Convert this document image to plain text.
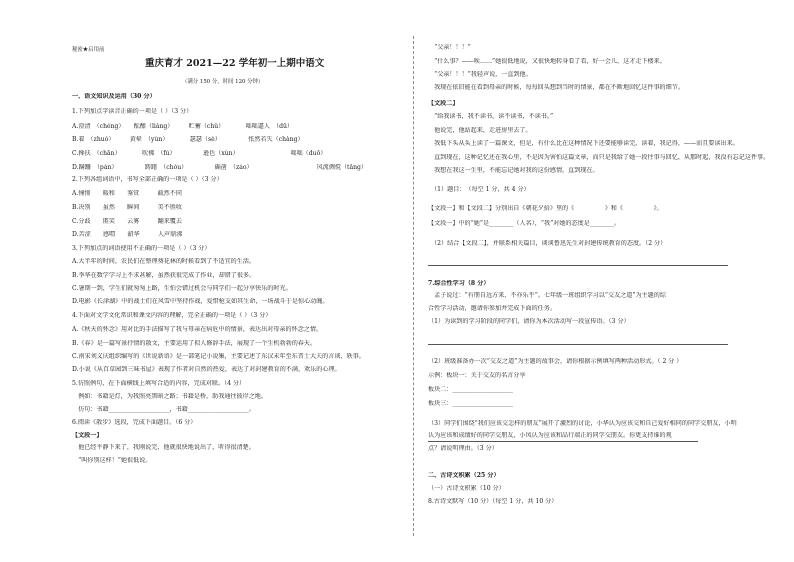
秘密★启用前
重庆育才 2021—22 学年初一上期中语文
（满分 150 分，时间 120 分钟）
一、语文知识及运用（30 分）
1.下列加点字读音正确的一项是（ ）（3 分）
A.澄清　（chéng）　　酝酿（liàng）　　　贮蓄（chǔ）　　　　咄咄逼人　（dū）
B.着　（zhuó）　　　黄晕　（yùn）　　　　瑟瑟（sè）　　　　　怅然若失（chàng）
C.搀扶　（chān）　　　　吹拂　（fú）　　　　　逊色（xùn）　　　　　　　　　咄咄（duō）
D.蹒跚　（pán）　　　　　踌躇　（chóu）　　　　　确凿　（záo）　　　　　　　　　　　风流倜傥（tǎng）
2.下列各组词语中，书写全部正确的一项是（ ）（3 分）
A.憧憬　　暖和　　鉴赏　　　截然不同
B.决别　　虽然　　瞬间　　　美不胜收
C.分歧　　匿笑　　云雾　　　翻来覆去
D.苦涩　　感喟　　韶华　　　人声鼎沸
3.下列加点的词语使用不正确的一项是（ ）（3 分）
A.大半年的时间，农民们在整理葵花林的时候看到了不适宜的生活。
B.李华在数学学习上不求甚解，虽然获很完成了作业，却错了很多。
C.暑期一到，学生们就匆匆上路，生怕会错过机会与同学们一起分享快乐的时光。
D.电影《长津湖》中的战士们在风雪中坚持作战，爱惜枪支如其生命，一场战斗于是惊心动魄。
4.下面对文学文化常识和课文内容的理解，完全正确的一项是（ ）（3 分）
A.《秋天的怀念》用对比的手法描写了我与母亲在病危中的情景，表达出对母亲的怀念之情。
B.《春》是一篇写景抒情的散文，主要运用了拟人修辞手法，展现了一个生机勃勃的春天。
C.南宋刘义庆组织编写的《世说新语》是一部笔记小说集，主要记述了东汉末年至东晋士大夫的言谈、轶事。
D.小说《从百草园到三味书屋》表现了作者对自然的热爱，表达了对封建教育的不满，欢乐的心理。
5.仿照例句，在下面横线上填写合适的内容，完成对联。（4 分）
　例如：书籍是灯，为我照亮黑暗之路；书籍是桥，助我通往彼岸之地。
　仿句：书籍____________________，书籍____________________。
6.阅读《散步》选段，完成下面题目。（6 分）
【文段一】
　他已经平静下来了，我刚说完，他就很快地说出了，听得很清楚。
　“叫你别这样！”她很低说。
　“父亲！！！”
　“什么事？——唉……”她很低地说，又很快地转身看了看，好一会儿，这才走下楼来。
　“父亲！！！”我轻声说，一直到他。
　我现在依旧能在看到母亲的时候，每每回头想到当时的情景，都在不断地回忆这件事的细节。
【文段二】
　“给我读书，我不读书，读不读书，不读书。”
　他说完，他站起来，走进房里去了。
　我低下头从头上读了一篇课文，但是，有什么比在这种情况下还要能够读完，读着，我记得，——而且要读出来。
　直到现在，这种记忆还在我心里，不是因为害怕这篇文章，而只是我给了她一段往事与回忆，从那时起，我没有忘记这件事。
　我想在我这一生里，不能忘记她对我的这份感情，直到现在。
　（1）题目：　（每空 1 分，共 4 分）
【文段一】和【文段二】分别出自《朝花夕拾》里的《　　　　　》和《　　　　　》。
【文段一】中的“她”是________（人名），“我”对她的态度是________。
　（2）结合【文段二】，并联系相关篇目，谈谈鲁迅先生对封建传统教育的态度。（2 分）
7.综合性学习（8 分）
　孟子说过：“有朋自远方来，不亦乐乎”。七年级一班组织学习以“交友之道”为主题的综
合性学习活动，邀请你参加并完成下面的任务。
（1）为读到的学习阶段的同学们，请你为本次活动写一段宣传语。（3 分）
（2）班级准备办一次“交友之道”为主题的故事会，请你根据示例填写两种活动形式。（ 2 分 ）
示例：板块一：关于交友的名言分享
板块二：____________________
板块三：____________________
（3）同学们围绕“我们应该交怎样的朋友”展开了激烈的讨论，小华认为应该交和自己爱好相同的同学交朋友，小明
认为应该和成绩好的同学交朋友，小凤认为应该和品行端正的同学交朋友。你更支持谁的观
点？请说明理由。（3 分）
二、古诗文积累（25 分）
（一）古诗文积累（10 分）
8.古诗文默写（10 分）（每空 1 分，共 10 分）
